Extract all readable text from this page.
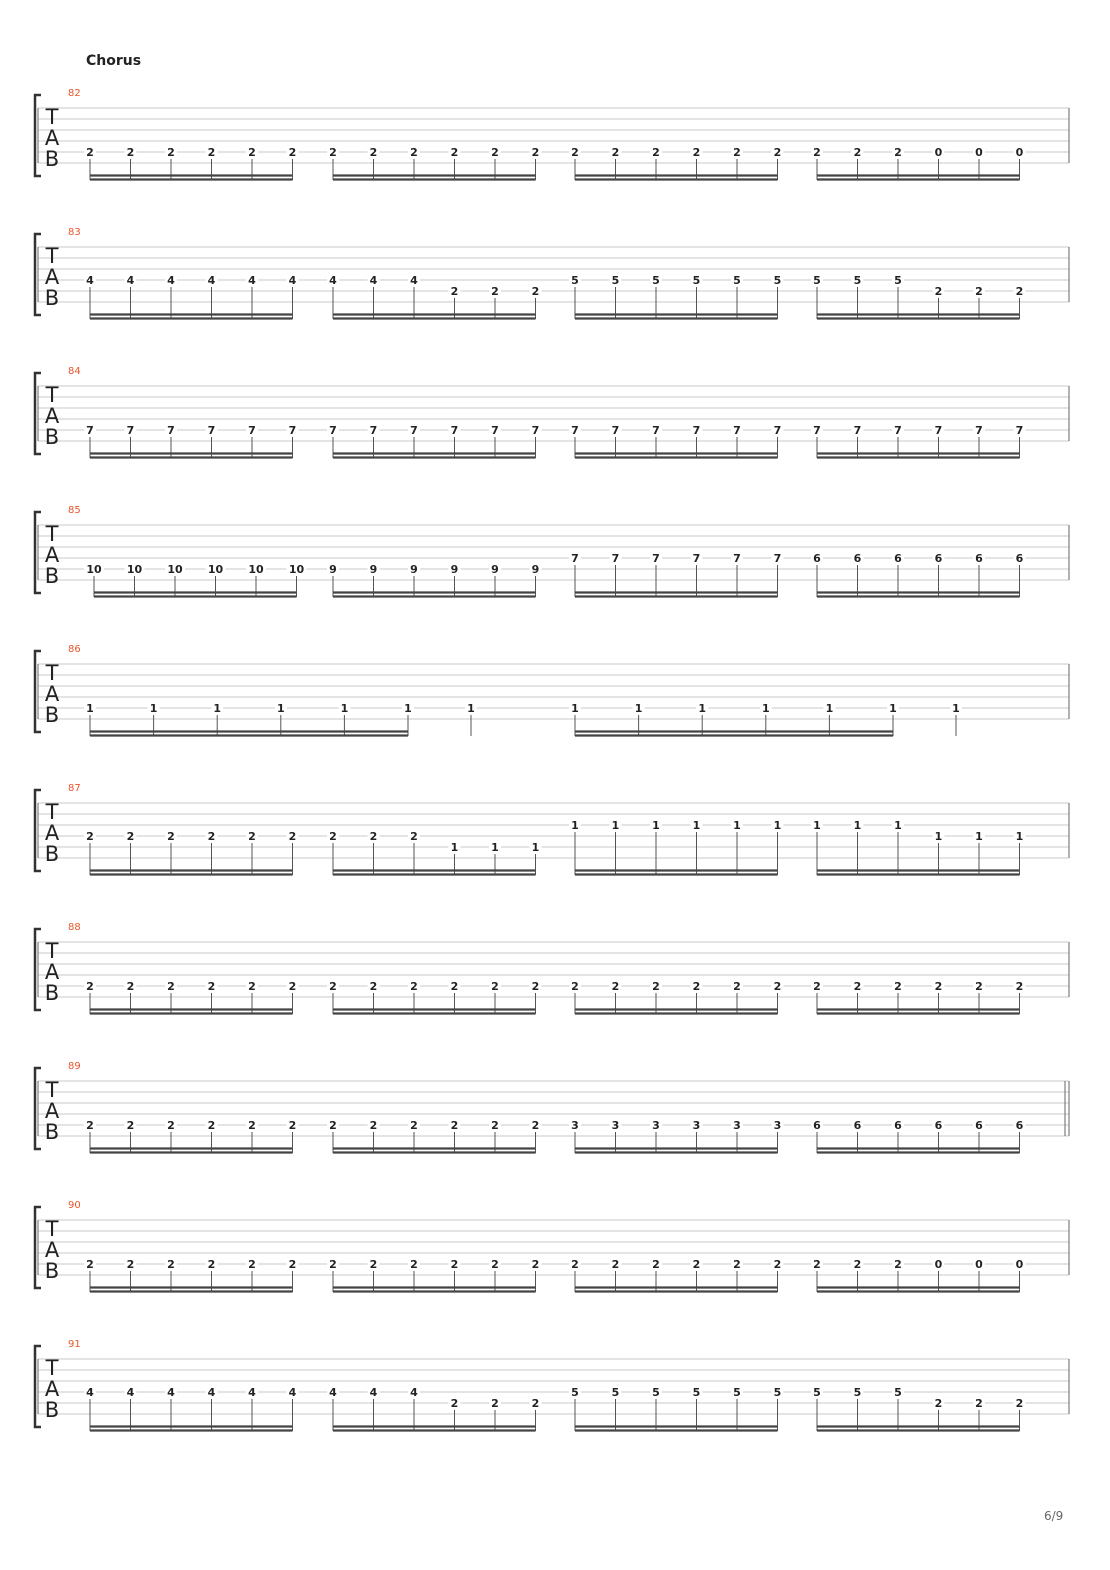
Chorus
82
T
A
B 2	2	2	2	2	2	2	2	2	2	2	2	2	2	2	2	2	2	2	2	2	0	0	0
83
T
A
B
4	4	4	4	4	4	4	4	4
2	2	2
5	5	5	5	5	5	5	5	5
2	2	2
84
T
A
B 7	7	7	7	7	7	7	7	7	7	7	7	7	7	7	7	7	7	7	7	7	7	7	7
85
T
A
B 10 10 10 10 10 10 9	9	9	9	9	9
7	7	7	7	7	7	6	6	6	6	6	6
86
T
A
B 1	1	1	1	1	1	1	1	1	1	1	1	1	1
87
T
A
B
2	2	2	2	2	2	2	2	2
1	1	1
1	1	1	1	1	1	1	1	1
1	1	1
88
T
A
B 2	2	2	2	2	2	2	2	2	2	2	2	2	2	2	2	2	2	2	2	2	2	2	2
89
T
A
B 2	2	2	2	2	2	2	2	2	2	2	2	3	3	3	3	3	3	6	6	6	6	6	6
90
T
A
B 2	2	2	2	2	2	2	2	2	2	2	2	2	2	2	2	2	2	2	2	2	0	0	0
91
T
A
B
4	4	4	4	4	4	4	4	4
2	2	2
5	5	5	5	5	5	5	5	5
2	2	2
6/9
